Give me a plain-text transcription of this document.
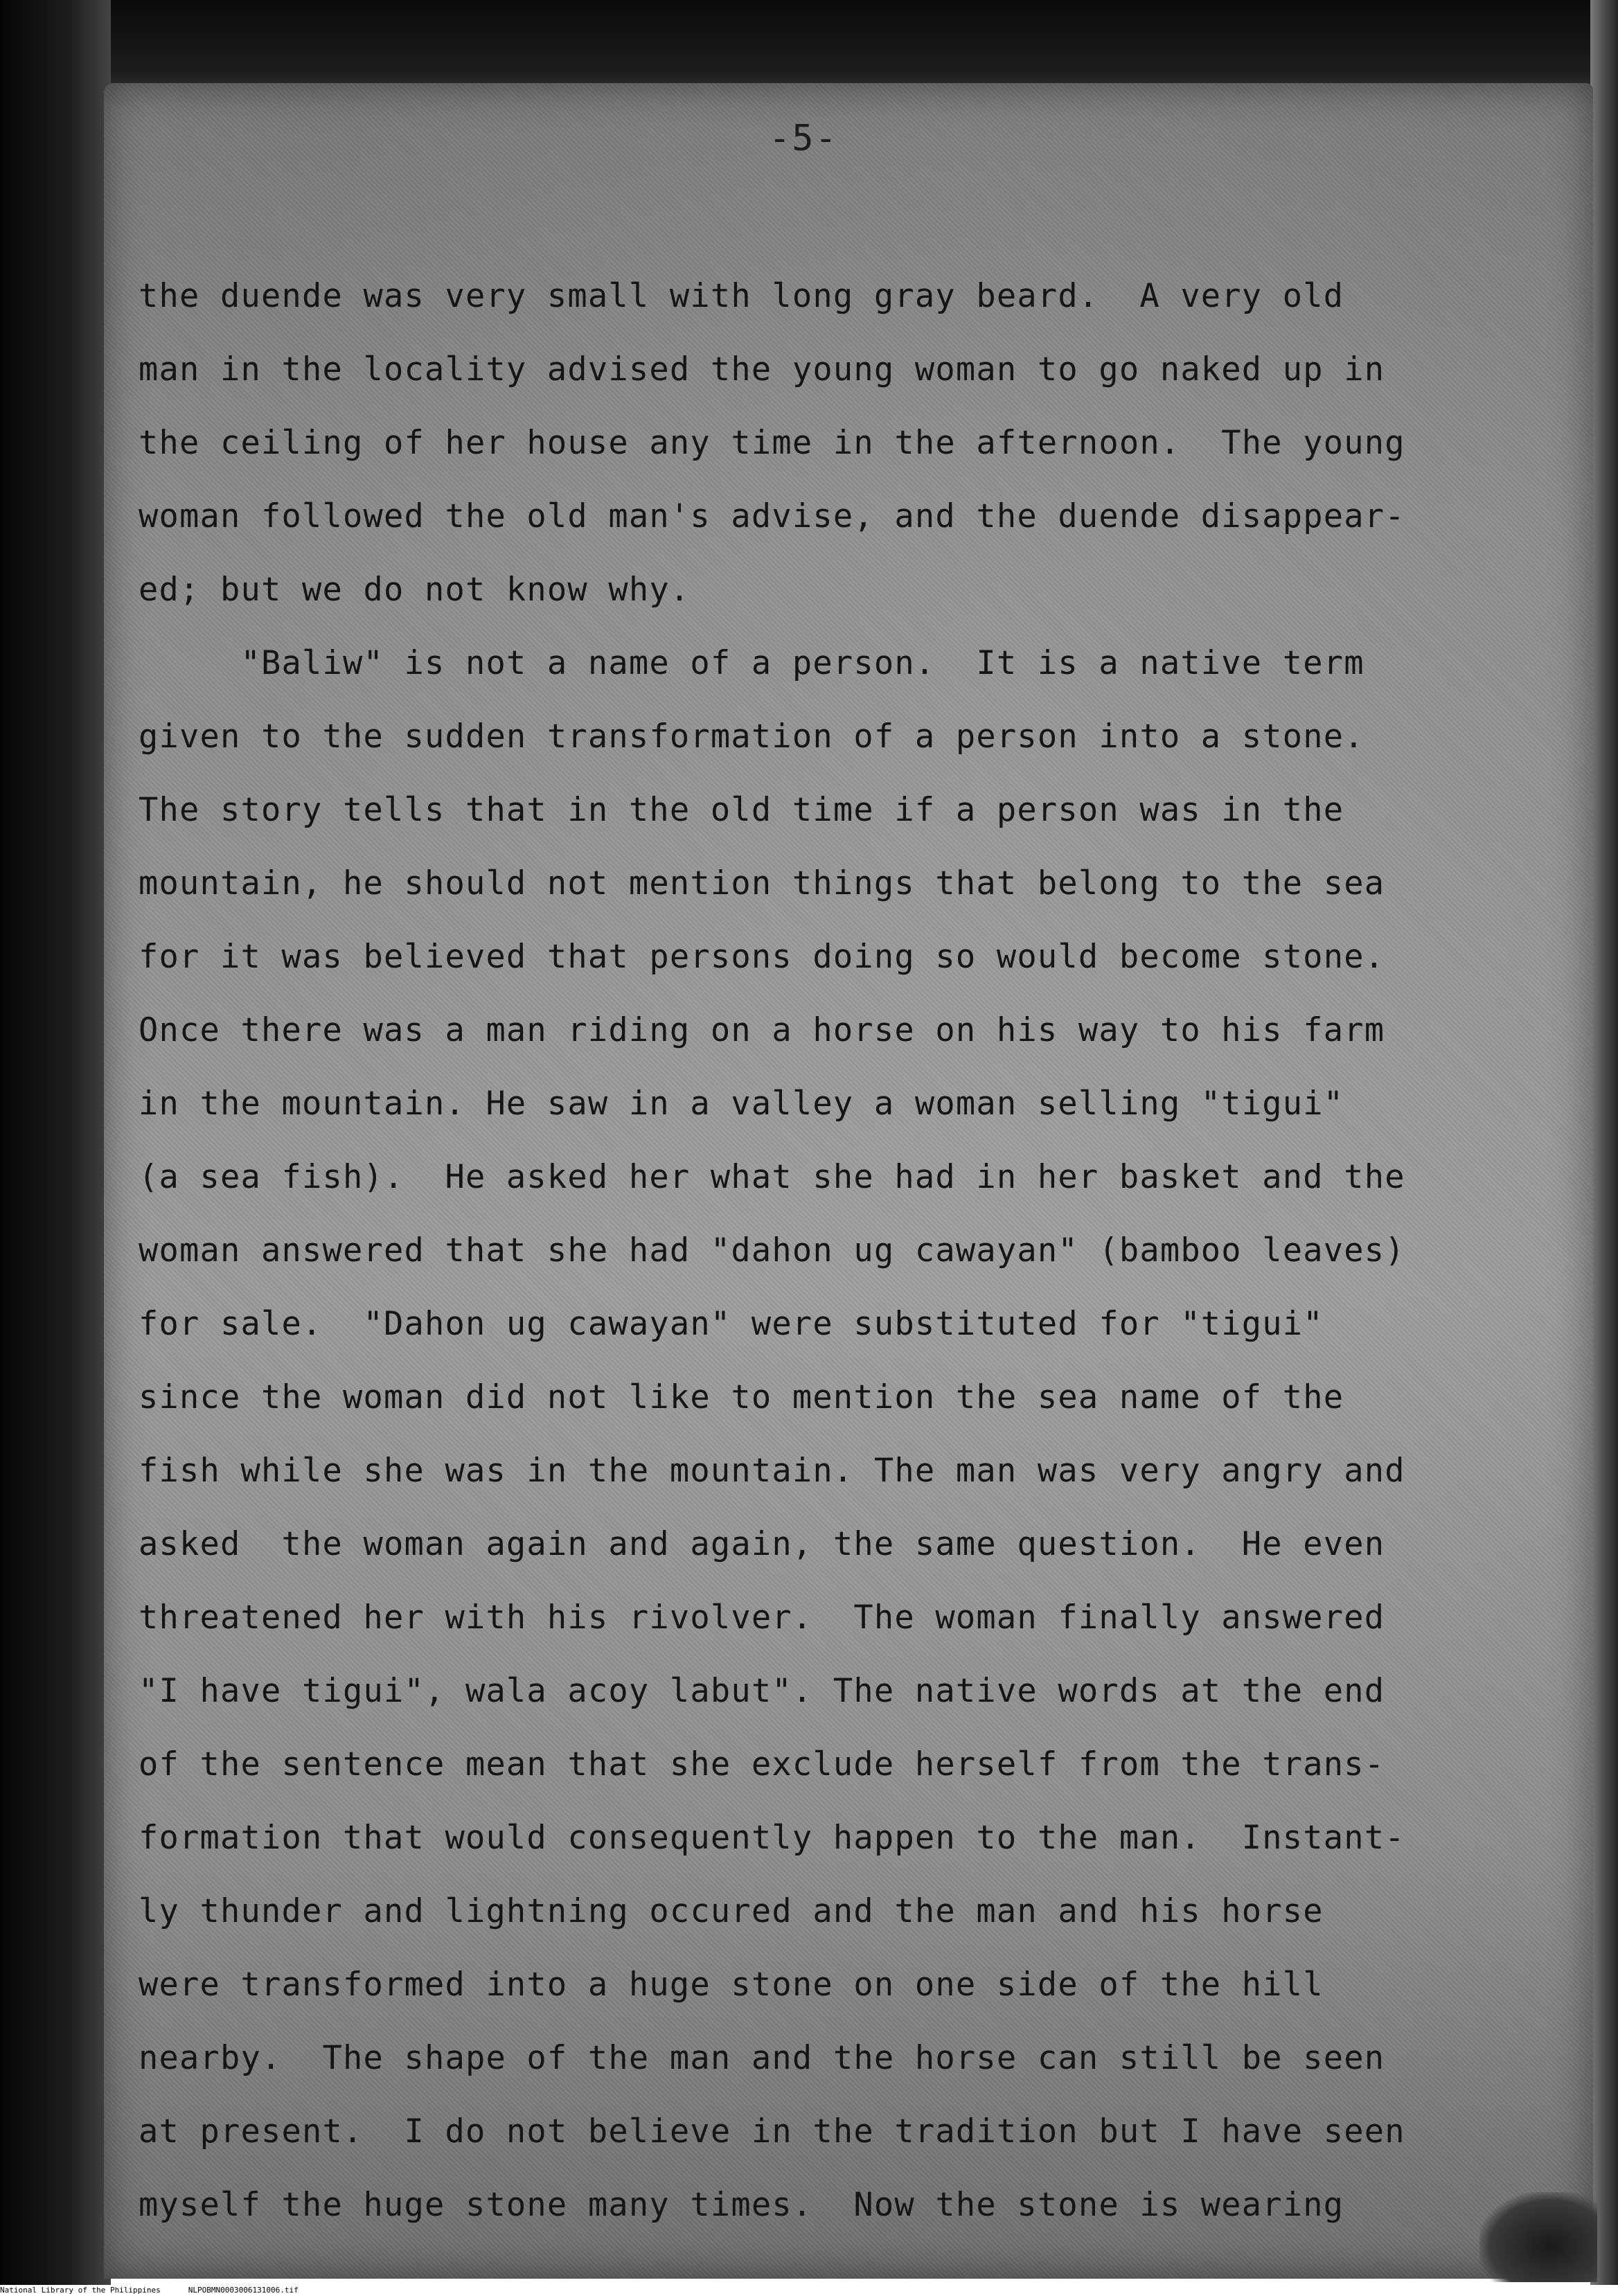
-5-
the duende was very small with long gray beard.  A very old
man in the locality advised the young woman to go naked up in
the ceiling of her house any time in the afternoon.  The young
woman followed the old man's advise, and the duende disappear-
ed; but we do not know why.
"Baliw" is not a name of a person.  It is a native term
given to the sudden transformation of a person into a stone.
The story tells that in the old time if a person was in the
mountain, he should not mention things that belong to the sea
for it was believed that persons doing so would become stone.
Once there was a man riding on a horse on his way to his farm
in the mountain. He saw in a valley a woman selling "tigui"
(a sea fish).  He asked her what she had in her basket and the
woman answered that she had "dahon ug cawayan" (bamboo leaves)
for sale.  "Dahon ug cawayan" were substituted for "tigui"
since the woman did not like to mention the sea name of the
fish while she was in the mountain. The man was very angry and
asked  the woman again and again, the same question.  He even
threatened her with his rivolver.  The woman finally answered
"I have tigui", wala acoy labut". The native words at the end
of the sentence mean that she exclude herself from the trans-
formation that would consequently happen to the man.  Instant-
ly thunder and lightning occured and the man and his horse
were transformed into a huge stone on one side of the hill
nearby.  The shape of the man and the horse can still be seen
at present.  I do not believe in the tradition but I have seen
myself the huge stone many times.  Now the stone is wearing
National Library of the Philippines	NLPOBMN0003006131006.tif
